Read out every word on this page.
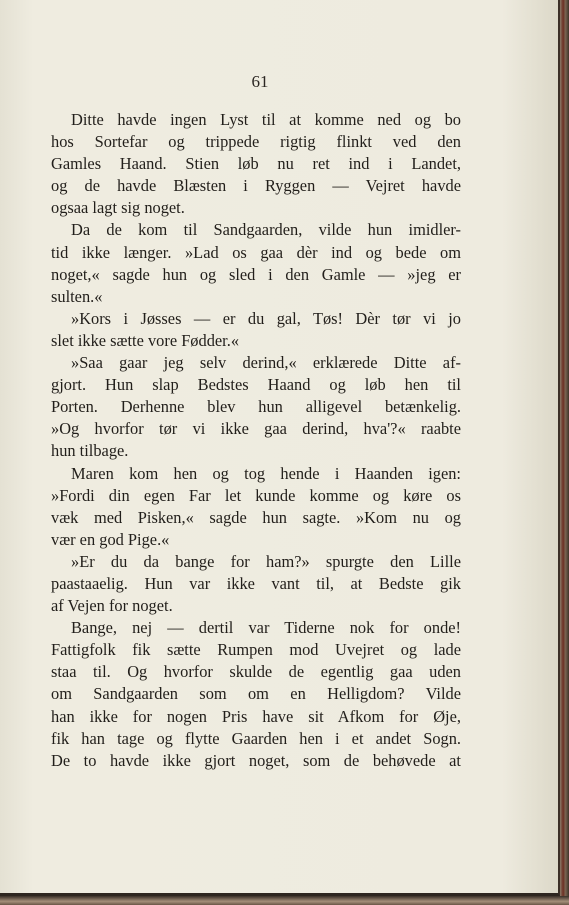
61
Ditte havde ingen Lyst til at komme ned og bo
hos Sortefar og trippede rigtig flinkt ved den
Gamles Haand. Stien løb nu ret ind i Landet,
og de havde Blæsten i Ryggen — Vejret havde
ogsaa lagt sig noget.
Da de kom til Sandgaarden, vilde hun imidler-
tid ikke længer. »Lad os gaa dèr ind og bede om
noget,« sagde hun og sled i den Gamle — »jeg er
sulten.«
»Kors i Jøsses — er du gal, Tøs! Dèr tør vi jo
slet ikke sætte vore Fødder.«
»Saa gaar jeg selv derind,« erklærede Ditte af-
gjort. Hun slap Bedstes Haand og løb hen til
Porten. Derhenne blev hun alligevel betænkelig.
»Og hvorfor tør vi ikke gaa derind, hva'?« raabte
hun tilbage.
Maren kom hen og tog hende i Haanden igen:
»Fordi din egen Far let kunde komme og køre os
væk med Pisken,« sagde hun sagte. »Kom nu og
vær en god Pige.«
»Er du da bange for ham?» spurgte den Lille
paastaaelig. Hun var ikke vant til, at Bedste gik
af Vejen for noget.
Bange, nej — dertil var Tiderne nok for onde!
Fattigfolk fik sætte Rumpen mod Uvejret og lade
staa til. Og hvorfor skulde de egentlig gaa uden
om Sandgaarden som om en Helligdom? Vilde
han ikke for nogen Pris have sit Afkom for Øje,
fik han tage og flytte Gaarden hen i et andet Sogn.
De to havde ikke gjort noget, som de behøvede at
